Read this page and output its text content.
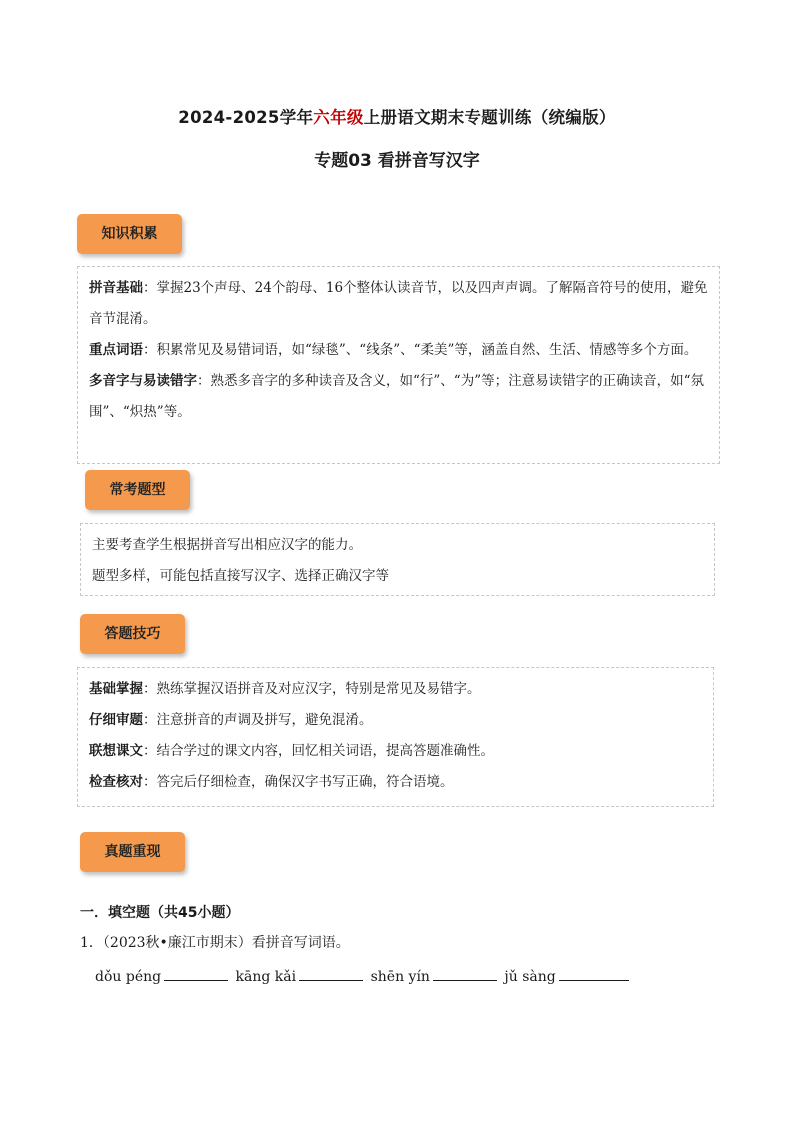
2024-2025学年六年级上册语文期末专题训练（统编版）
专题03 看拼音写汉字
知识积累

拼音基础：掌握23个声母、24个韵母、16个整体认读音节，以及四声声调。了解隔音符号的使用，避免音节混淆。

重点词语：积累常见及易错词语，如“绿毯”、“线条”、“柔美”等，涵盖自然、生活、情感等多个方面。

多音字与易读错字：熟悉多音字的多种读音及含义，如“行”、“为”等；注意易读错字的正确读音，如“氛围”、“炽热”等。

常考题型

主要考查学生根据拼音写出相应汉字的能力。

题型多样，可能包括直接写汉字、选择正确汉字等

答题技巧

基础掌握：熟练掌握汉语拼音及对应汉字，特别是常见及易错字。

仔细审题：注意拼音的声调及拼写，避免混淆。

联想课文：结合学过的课文内容，回忆相关词语，提高答题准确性。

检查核对：答完后仔细检查，确保汉字书写正确，符合语境。

真题重现
一．填空题（共45小题）
1．（2023秋•廉江市期末）看拼音写词语。
dǒu péng	kāng kǎi	shēn yín	jǔ sàng
